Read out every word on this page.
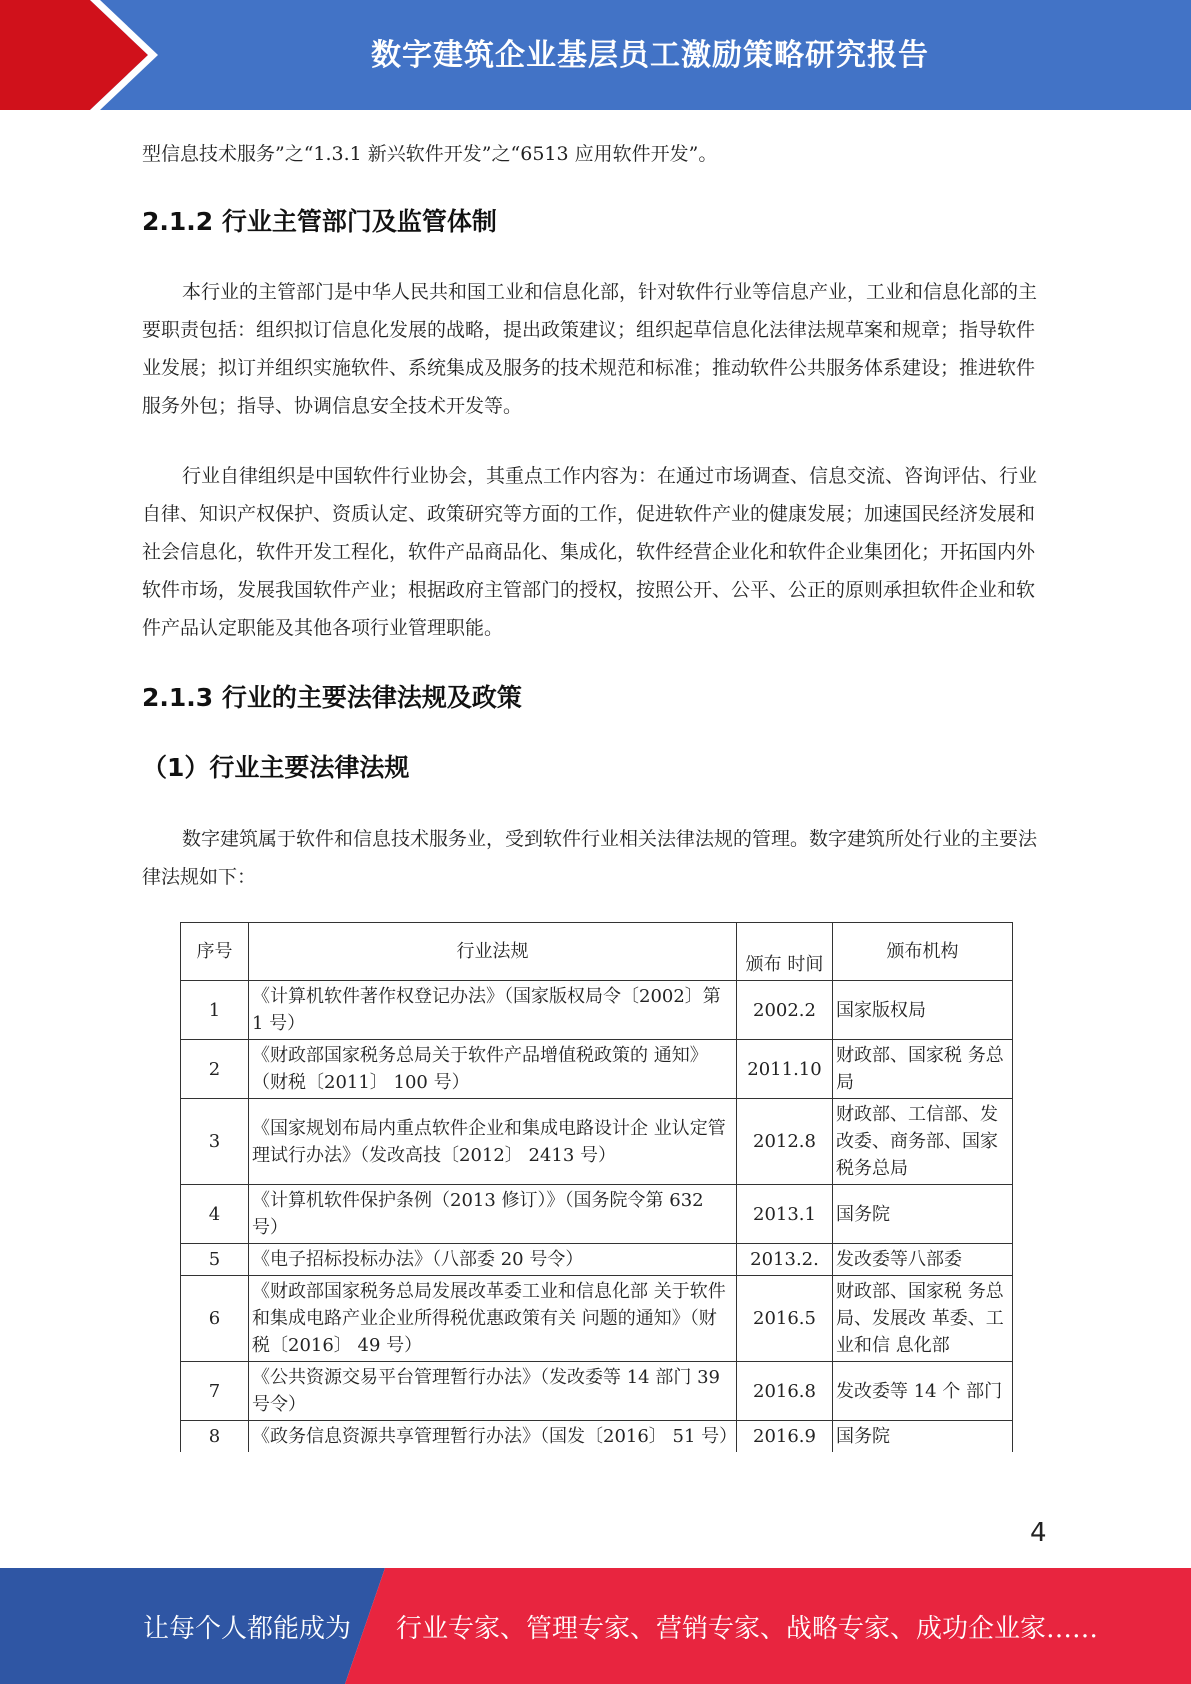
数字建筑企业基层员工激励策略研究报告

型信息技术服务”之“1.3.1 新兴软件开发”之“6513 应用软件开发”。

2.1.2 行业主管部门及监管体制

本行业的主管部门是中华人民共和国工业和信息化部，针对软件行业等信息产业，工业和信息化部的主要职责包括：组织拟订信息化发展的战略，提出政策建议；组织起草信息化法律法规草案和规章；指导软件业发展；拟订并组织实施软件、系统集成及服务的技术规范和标准；推动软件公共服务体系建设；推进软件服务外包；指导、协调信息安全技术开发等。

行业自律组织是中国软件行业协会，其重点工作内容为：在通过市场调查、信息交流、咨询评估、行业自律、知识产权保护、资质认定、政策研究等方面的工作，促进软件产业的健康发展；加速国民经济发展和社会信息化，软件开发工程化，软件产品商品化、集成化，软件经营企业化和软件企业集团化；开拓国内外软件市场，发展我国软件产业；根据政府主管部门的授权，按照公开、公平、公正的原则承担软件企业和软件产品认定职能及其他各项行业管理职能。

2.1.3 行业的主要法律法规及政策
（1）行业主要法律法规

数字建筑属于软件和信息技术服务业，受到软件行业相关法律法规的管理。数字建筑所处行业的主要法律法规如下：

序号	行业法规	颁布 时间	颁布机构
1	《计算机软件著作权登记办法》（国家版权局令〔2002〕第 1 号）	2002.2	国家版权局
2	《财政部国家税务总局关于软件产品增值税政策的 通知》（财税〔2011〕 100 号）	2011.10	财政部、国家税 务总局
3	《国家规划布局内重点软件企业和集成电路设计企 业认定管理试行办法》（发改高技〔2012〕 2413 号）	2012.8	财政部、工信部、发改委、商务部、国家税务总局
4	《计算机软件保护条例（2013 修订）》（国务院令第 632 号）	2013.1	国务院
5	《电子招标投标办法》（八部委 20 号令）	2013.2.	发改委等八部委
6	《财政部国家税务总局发展改革委工业和信息化部 关于软件和集成电路产业企业所得税优惠政策有关 问题的通知》（财税〔2016〕 49 号）	2016.5	财政部、国家税 务总局、发展改 革委、工业和信 息化部
7	《公共资源交易平台管理暂行办法》（发改委等 14 部门 39 号令）	2016.8	发改委等 14 个 部门
8	《政务信息资源共享管理暂行办法》（国发〔2016〕 51 号）	2016.9	国务院
4
让每个人都能成为 行业专家、管理专家、营销专家、战略专家、成功企业家……
